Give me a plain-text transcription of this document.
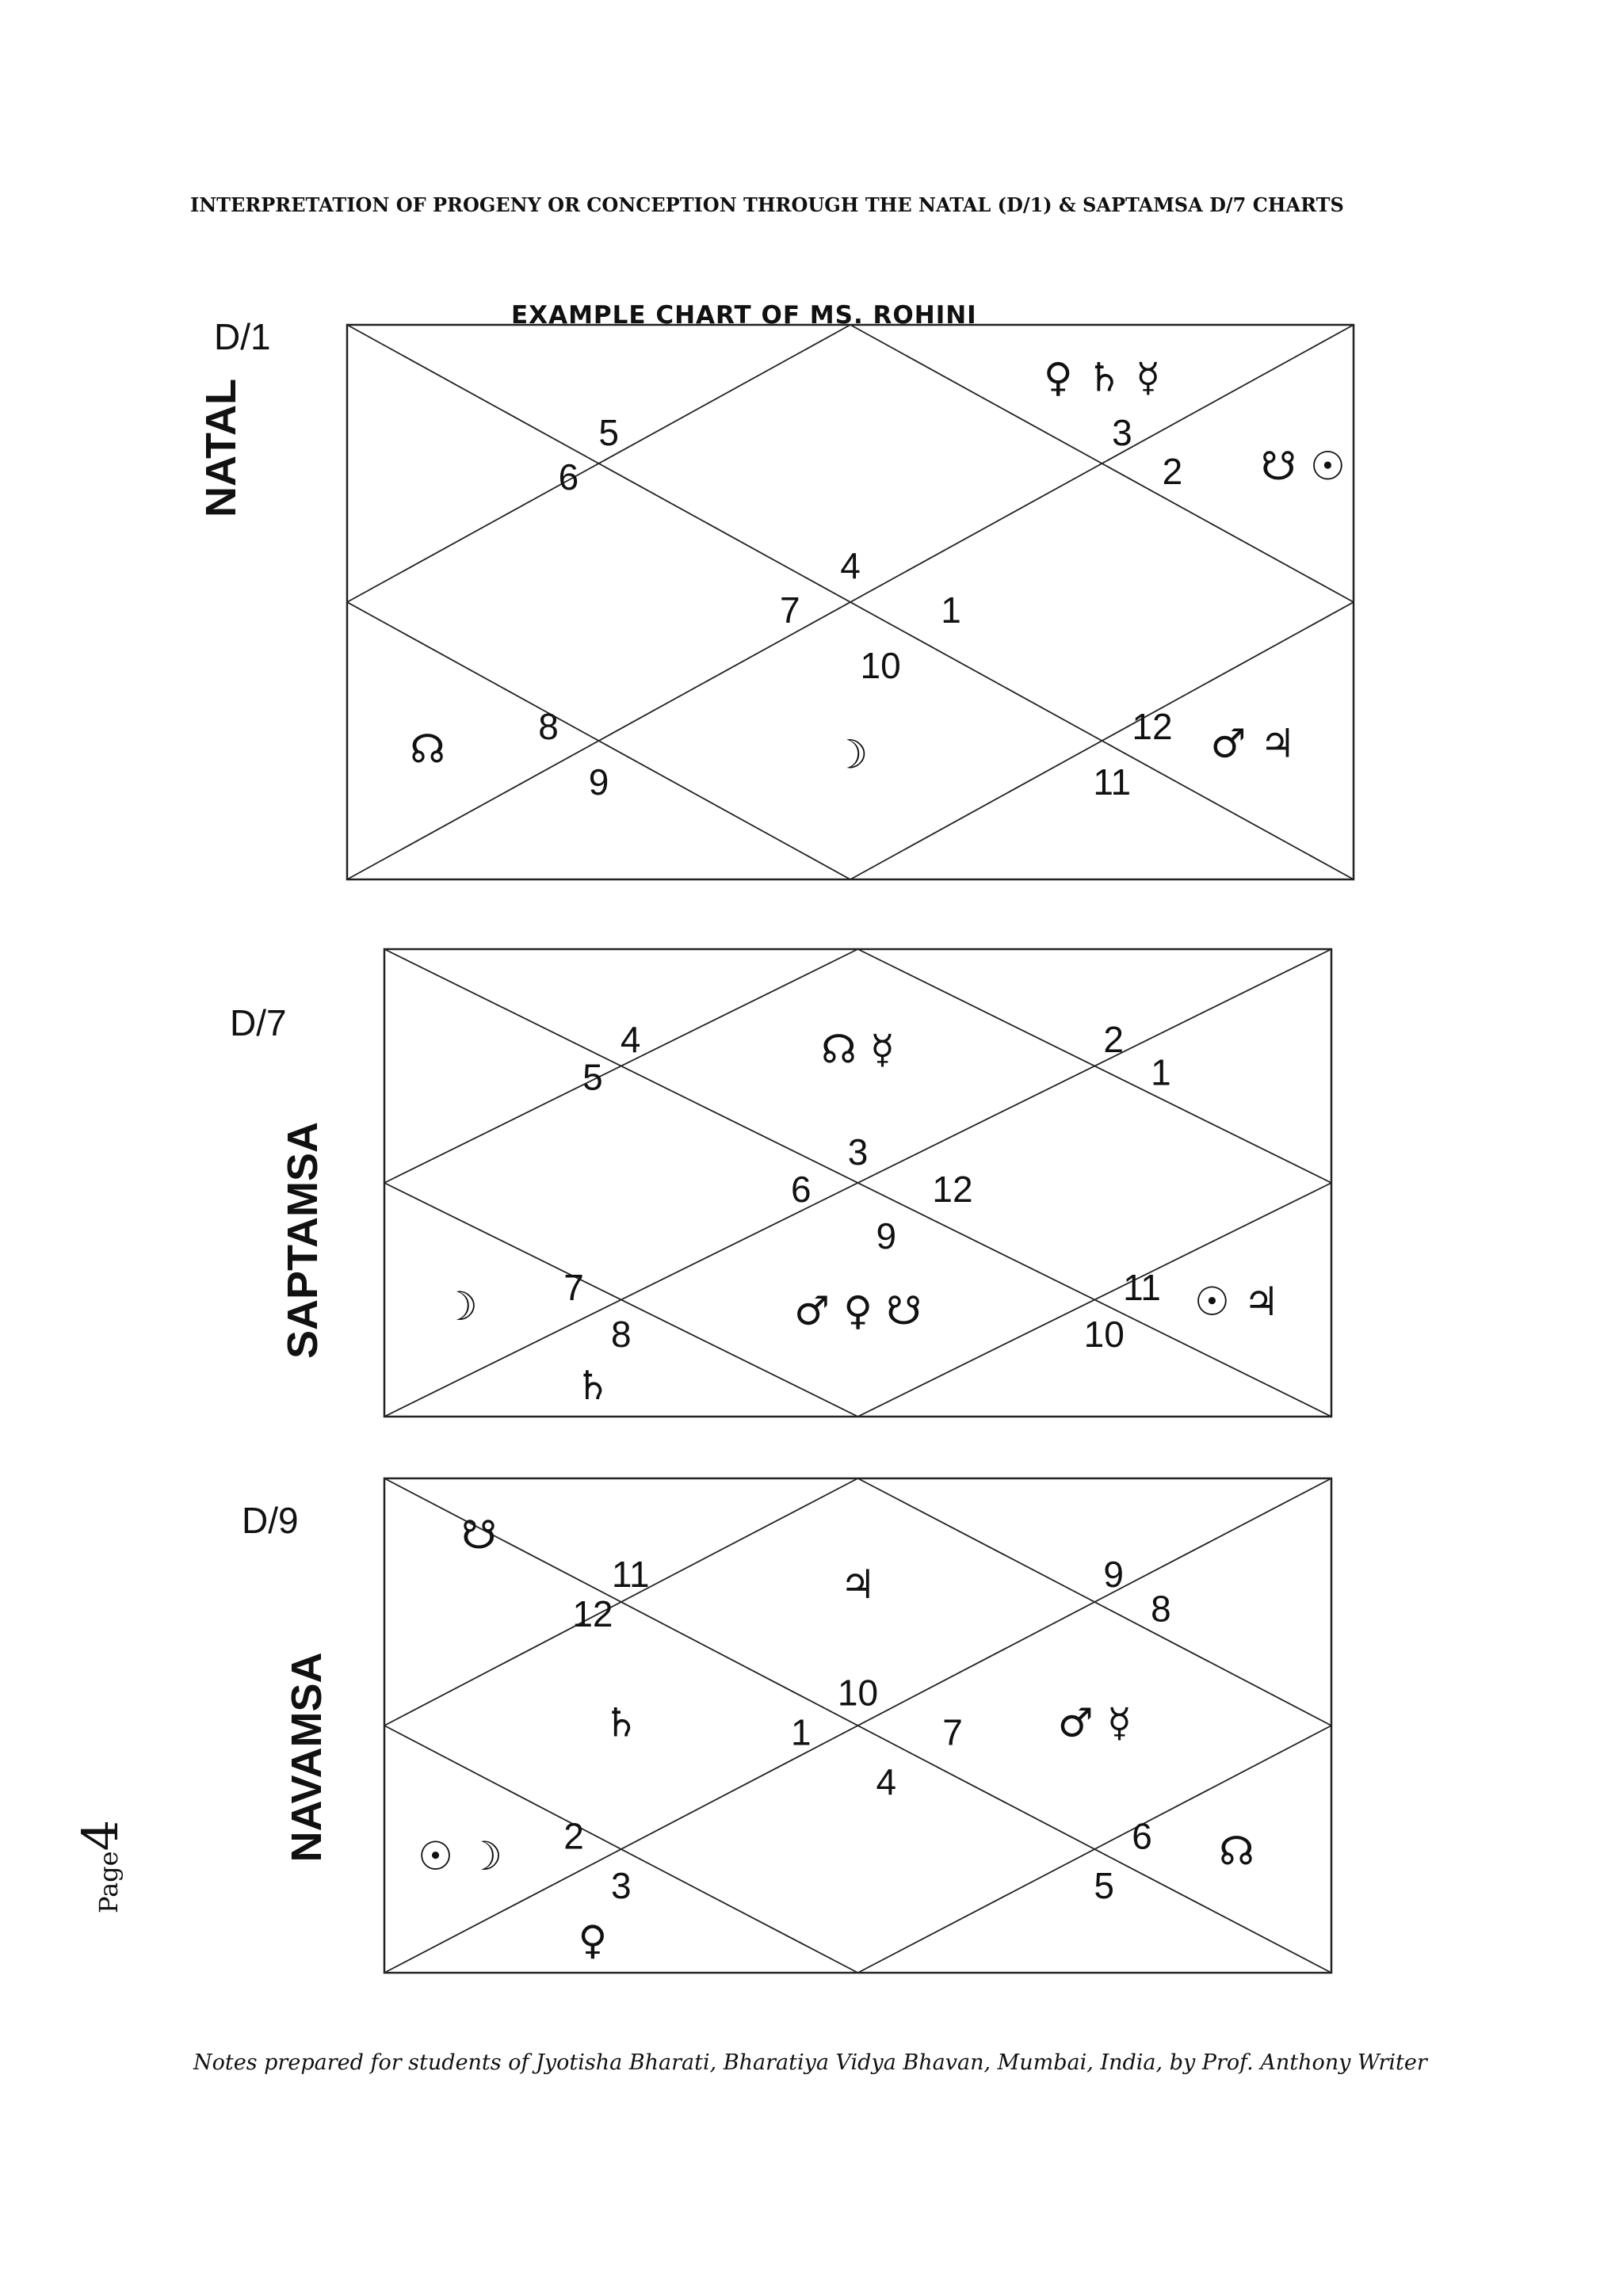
INTERPRETATION OF PROGENY OR CONCEPTION THROUGH THE NATAL (D/1) & SAPTAMSA D/7 CHARTS
EXAMPLE CHART OF MS. ROHINI
D/1
NATAL
4
5
6
7
8
☊
9
10
☽
11
12 ♂ ♃
1
2 ☋ ☉
3
♀ ♄ ☿
D/7
SAPTAMSA	3
☊ ☿
4
5
6
7
☽
8
♄
9
♂ ♀ ☋
10
11 ☉ ♃
12
1
2
D/9
NAVAMSA	10
♃
11
☋
12
1
♄
2
☉ ☽
3
♀
4
5
6 ☊
7 ♂ ☿
8
9
Page4
Notes prepared for students of Jyotisha Bharati, Bharatiya Vidya Bhavan, Mumbai, India, by Prof. Anthony Writer
